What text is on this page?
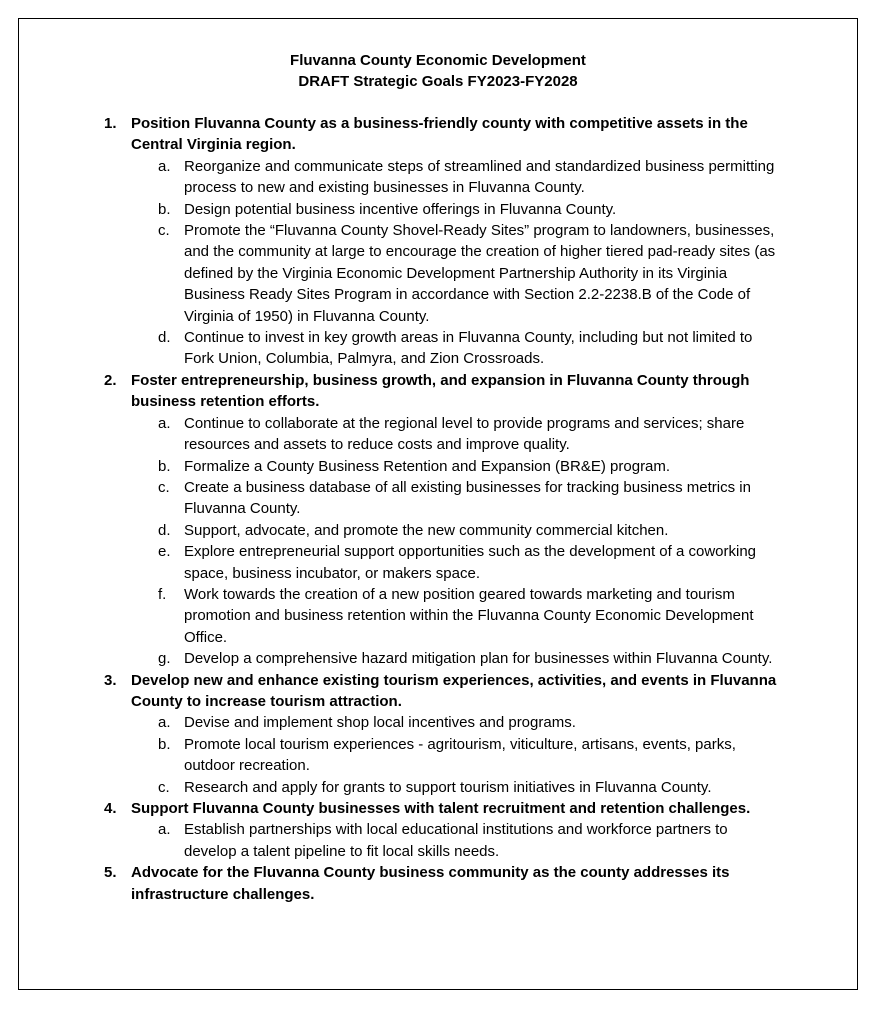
Fluvanna County Economic Development
DRAFT Strategic Goals FY2023-FY2028
1. Position Fluvanna County as a business-friendly county with competitive assets in the Central Virginia region.
a. Reorganize and communicate steps of streamlined and standardized business permitting process to new and existing businesses in Fluvanna County.
b. Design potential business incentive offerings in Fluvanna County.
c. Promote the “Fluvanna County Shovel-Ready Sites” program to landowners, businesses, and the community at large to encourage the creation of higher tiered pad-ready sites (as defined by the Virginia Economic Development Partnership Authority in its Virginia Business Ready Sites Program in accordance with Section 2.2-2238.B of the Code of Virginia of 1950) in Fluvanna County.
d. Continue to invest in key growth areas in Fluvanna County, including but not limited to Fork Union, Columbia, Palmyra, and Zion Crossroads.
2. Foster entrepreneurship, business growth, and expansion in Fluvanna County through business retention efforts.
a. Continue to collaborate at the regional level to provide programs and services; share resources and assets to reduce costs and improve quality.
b. Formalize a County Business Retention and Expansion (BR&E) program.
c. Create a business database of all existing businesses for tracking business metrics in Fluvanna County.
d. Support, advocate, and promote the new community commercial kitchen.
e. Explore entrepreneurial support opportunities such as the development of a coworking space, business incubator, or makers space.
f. Work towards the creation of a new position geared towards marketing and tourism promotion and business retention within the Fluvanna County Economic Development Office.
g. Develop a comprehensive hazard mitigation plan for businesses within Fluvanna County.
3. Develop new and enhance existing tourism experiences, activities, and events in Fluvanna County to increase tourism attraction.
a. Devise and implement shop local incentives and programs.
b. Promote local tourism experiences - agritourism, viticulture, artisans, events, parks, outdoor recreation.
c. Research and apply for grants to support tourism initiatives in Fluvanna County.
4. Support Fluvanna County businesses with talent recruitment and retention challenges.
a. Establish partnerships with local educational institutions and workforce partners to develop a talent pipeline to fit local skills needs.
5. Advocate for the Fluvanna County business community as the county addresses its infrastructure challenges.
